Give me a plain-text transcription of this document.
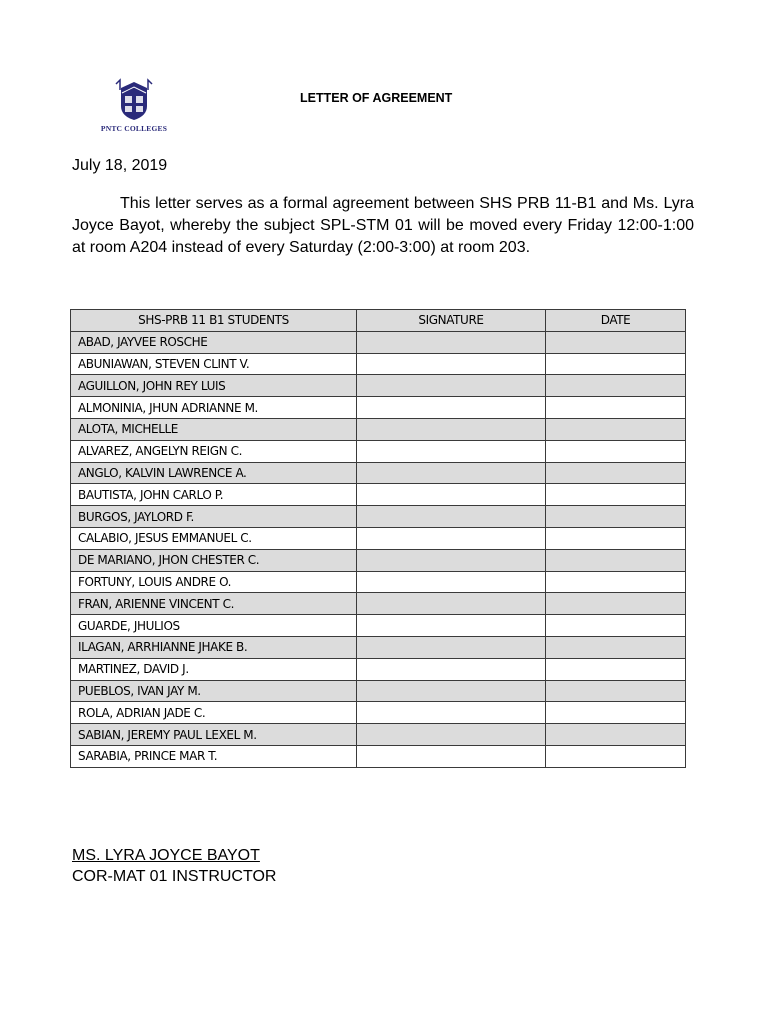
PNTC COLLEGES
LETTER OF AGREEMENT
July 18, 2019
This letter serves as a formal agreement between SHS PRB 11-B1 and Ms. Lyra Joyce Bayot, whereby the subject SPL-STM 01 will be moved every Friday 12:00-1:00 at room A204 instead of every Saturday (2:00-3:00) at room 203.
SHS-PRB 11 B1 STUDENTS	SIGNATURE	DATE
ABAD, JAYVEE ROSCHE		
ABUNIAWAN, STEVEN CLINT V.		
AGUILLON, JOHN REY LUIS		
ALMONINIA, JHUN ADRIANNE M.		
ALOTA, MICHELLE		
ALVAREZ, ANGELYN REIGN C.		
ANGLO, KALVIN LAWRENCE A.		
BAUTISTA, JOHN CARLO P.		
BURGOS, JAYLORD F.		
CALABIO, JESUS EMMANUEL C.		
DE MARIANO, JHON CHESTER C.		
FORTUNY, LOUIS ANDRE O.		
FRAN, ARIENNE VINCENT C.		
GUARDE, JHULIOS		
ILAGAN, ARRHIANNE JHAKE B.		
MARTINEZ, DAVID J.		
PUEBLOS, IVAN JAY M.		
ROLA, ADRIAN JADE C.		
SABIAN, JEREMY PAUL LEXEL M.		
SARABIA, PRINCE MAR T.		
MS. LYRA JOYCE BAYOT
COR-MAT 01 INSTRUCTOR
